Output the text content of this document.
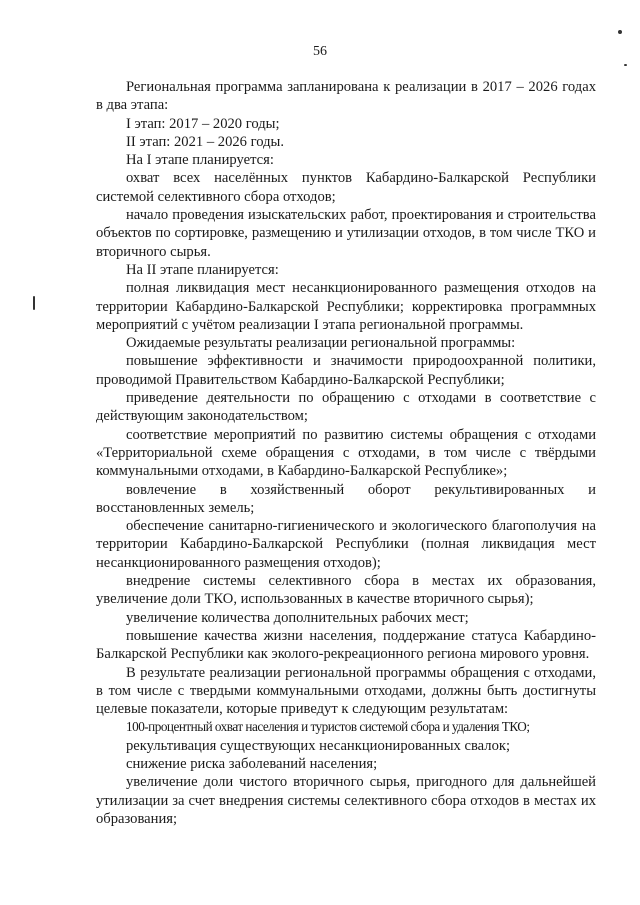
56

Региональная программа запланирована к реализации в 2017 – 2026 годах в два этапа:

I этап: 2017 – 2020 годы;

II этап: 2021 – 2026 годы.

На I этапе планируется:

охват всех населённых пунктов Кабардино-Балкарской Республики системой селективного сбора отходов;

начало проведения изыскательских работ, проектирования и строительства объектов по сортировке, размещению и утилизации отходов, в том числе ТКО и вторичного сырья.

На II этапе планируется:

полная ликвидация мест несанкционированного размещения отходов на территории Кабардино-Балкарской Республики; корректировка программных мероприятий с учётом реализации I этапа региональной программы.

Ожидаемые результаты реализации региональной программы:

повышение эффективности и значимости природоохранной политики, проводимой Правительством Кабардино-Балкарской Республики;

приведение деятельности по обращению с отходами в соответствие с действующим законодательством;

соответствие мероприятий по развитию системы обращения с отходами «Территориальной схеме обращения с отходами, в том числе с твёрдыми коммунальными отходами, в Кабардино-Балкарской Республике»;

вовлечение в хозяйственный оборот рекультивированных и восстановленных земель;

обеспечение санитарно-гигиенического и экологического благополучия на территории Кабардино-Балкарской Республики (полная ликвидация мест несанкционированного размещения отходов);

внедрение системы селективного сбора в местах их образования, увеличение доли ТКО, использованных в качестве вторичного сырья);

увеличение количества дополнительных рабочих мест;

повышение качества жизни населения, поддержание статуса Кабардино-Балкарской Республики как эколого-рекреационного региона мирового уровня.

В результате реализации региональной программы обращения с отходами, в том числе с твердыми коммунальными отходами, должны быть достигнуты целевые показатели, которые приведут к следующим результатам:

100-процентный охват населения и туристов системой сбора и удаления ТКО;

рекультивация существующих несанкционированных свалок;

снижение риска заболеваний населения;

увеличение доли чистого вторичного сырья, пригодного для дальнейшей утилизации за счет внедрения системы селективного сбора отходов в местах их образования;
